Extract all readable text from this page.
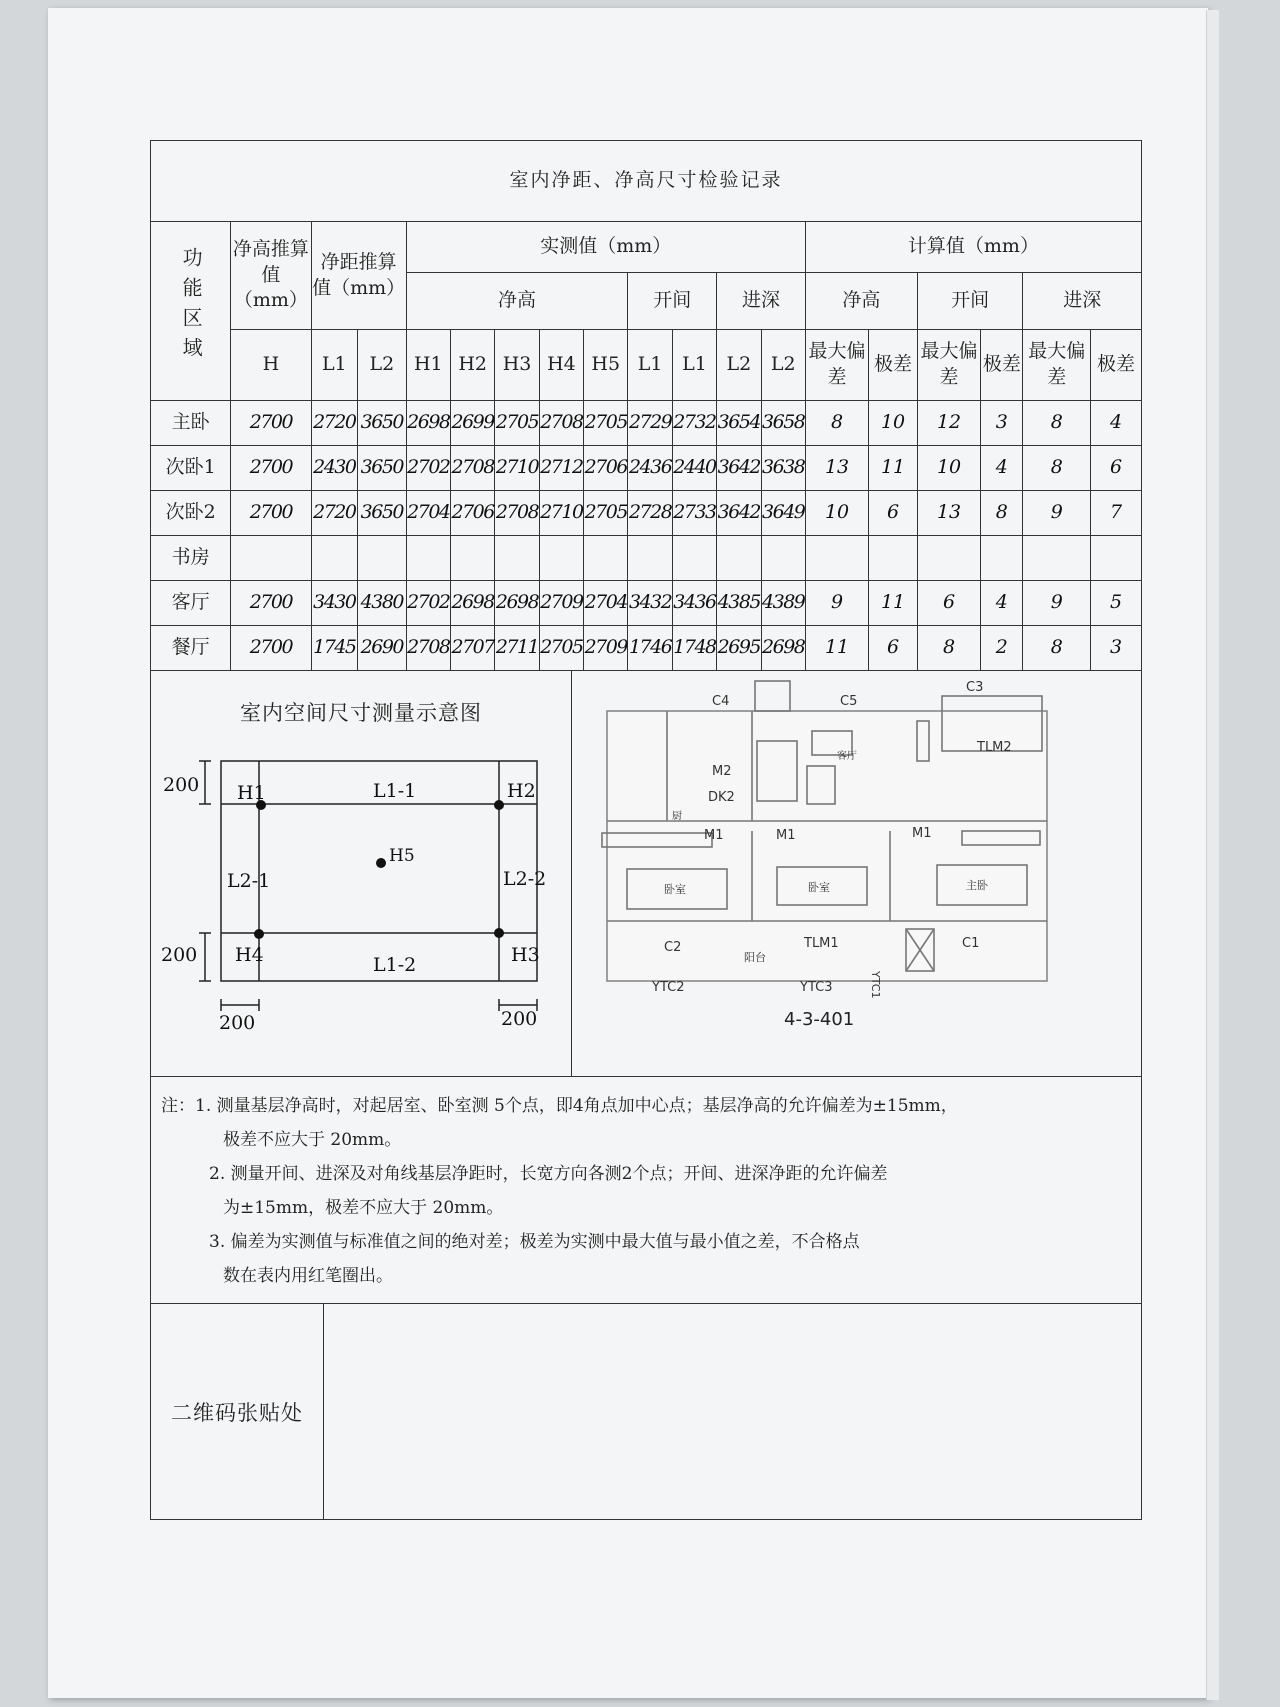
室内净距、净高尺寸检验记录																		
功能区域	净高推算值（mm）	净距推算值（mm）		实测值（mm）									计算值（mm）					
				净高					开间		进深		净高		开间		进深	
	H	L1	L2	H1	H2	H3	H4	H5	L1	L1	L2	L2	最大偏差	极差	最大偏差	极差	最大偏差	极差
主卧	2700	2720	3650	2698	2699	2705	2708	2705	2729	2732	3654	3658	8	10	12	3	8	4
次卧1	2700	2430	3650	2702	2708	2710	2712	2706	2436	2440	3642	3638	13	11	10	4	8	6
次卧2	2700	2720	3650	2704	2706	2708	2710	2705	2728	2733	3642	3649	10	6	13	8	9	7
书房																		
客厅	2700	3430	4380	2702	2698	2698	2709	2704	3432	3436	4385	4389	9	11	6	4	9	5
餐厅	2700	1745	2690	2708	2707	2711	2705	2709	1746	1748	2695	2698	11	6	8	2	8	3
室内空间尺寸测量示意图
200
200
200	200
H1	H2
H3
H4
H5
L1-1
L1-2
L2-1	L2-2
C4	C5
C3
TLM2
M2
DK2
厨
客厅
M1	M1	M1
卧室	卧室	主卧
C2	TLM1
阳台
C1
YTC1
YTC2	YTC3
4-3-401
注：1. 测量基层净高时，对起居室、卧室测 5个点，即4角点加中心点；基层净高的允许偏差为±15mm，
极差不应大于 20mm。
2. 测量开间、进深及对角线基层净距时，长宽方向各测2个点；开间、进深净距的允许偏差
为±15mm，极差不应大于 20mm。
3. 偏差为实测值与标准值之间的绝对差；极差为实测中最大值与最小值之差，不合格点
数在表内用红笔圈出。
二维码张贴处
